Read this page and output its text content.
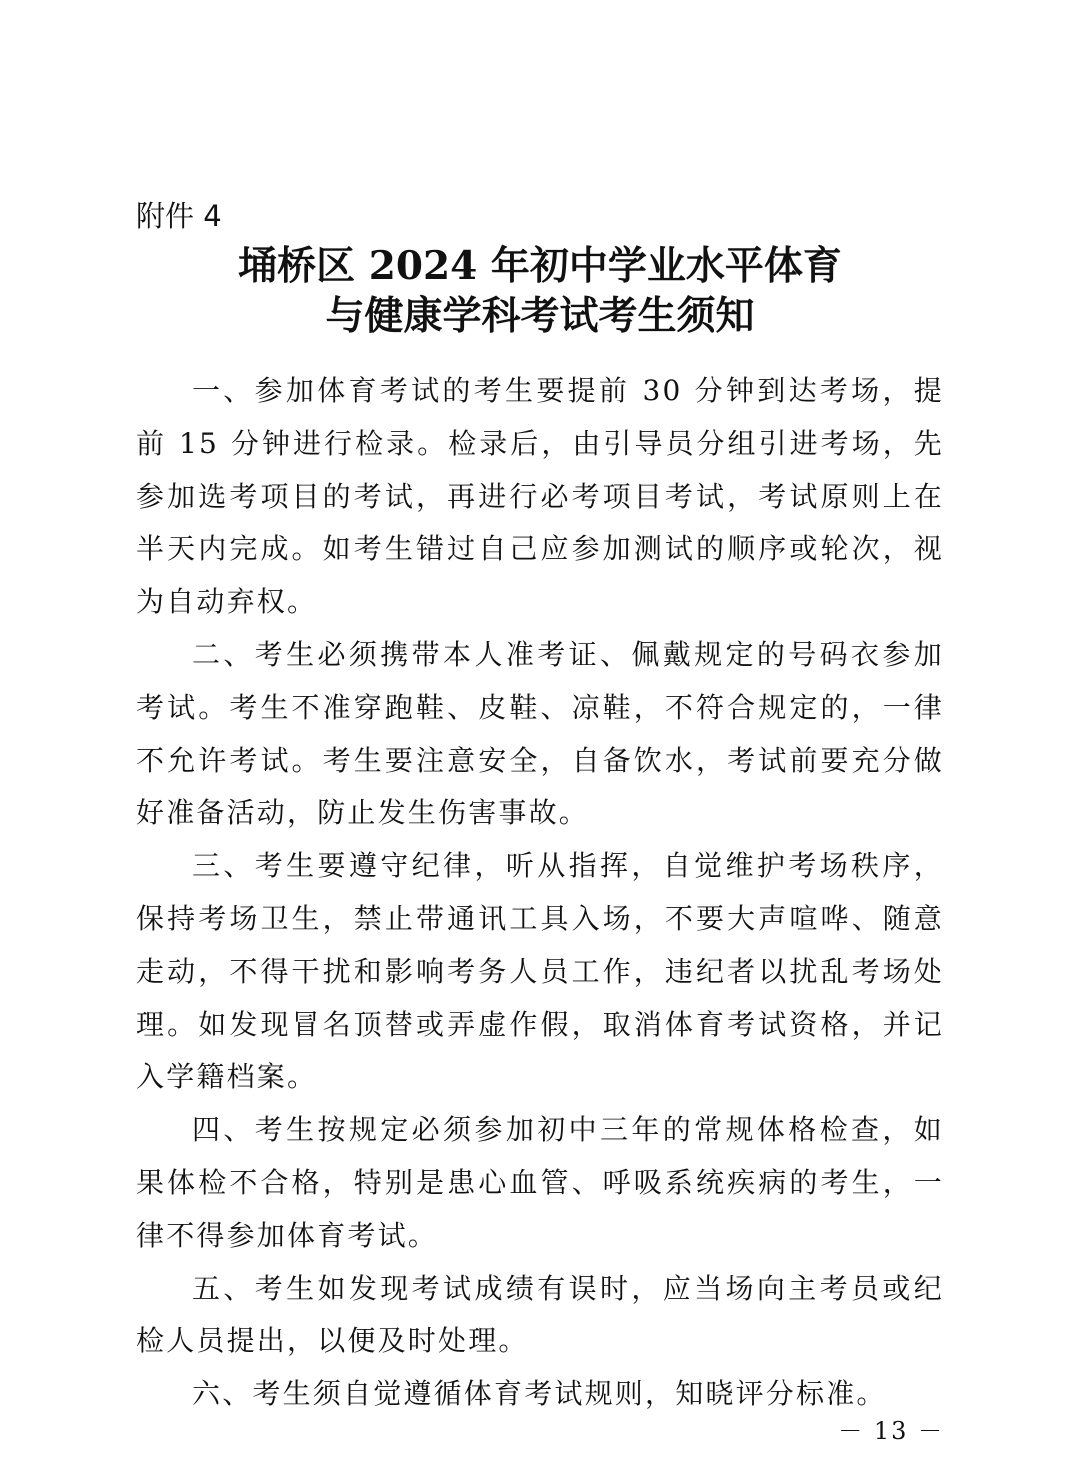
附件 4
埇桥区 2024 年初中学业水平体育
与健康学科考试考生须知

一、参加体育考试的考生要提前 30 分钟到达考场，提前 15 分钟进行检录。检录后，由引导员分组引进考场，先参加选考项目的考试，再进行必考项目考试，考试原则上在半天内完成。如考生错过自己应参加测试的顺序或轮次，视为自动弃权。

二、考生必须携带本人准考证、佩戴规定的号码衣参加考试。考生不准穿跑鞋、皮鞋、凉鞋，不符合规定的，一律不允许考试。考生要注意安全，自备饮水，考试前要充分做好准备活动，防止发生伤害事故。

三、考生要遵守纪律，听从指挥，自觉维护考场秩序，保持考场卫生，禁止带通讯工具入场，不要大声喧哗、随意走动，不得干扰和影响考务人员工作，违纪者以扰乱考场处理。如发现冒名顶替或弄虚作假，取消体育考试资格，并记入学籍档案。

四、考生按规定必须参加初中三年的常规体格检查，如果体检不合格，特别是患心血管、呼吸系统疾病的考生，一律不得参加体育考试。

五、考生如发现考试成绩有误时，应当场向主考员或纪检人员提出，以便及时处理。

六、考生须自觉遵循体育考试规则，知晓评分标准。

－ 13 －
